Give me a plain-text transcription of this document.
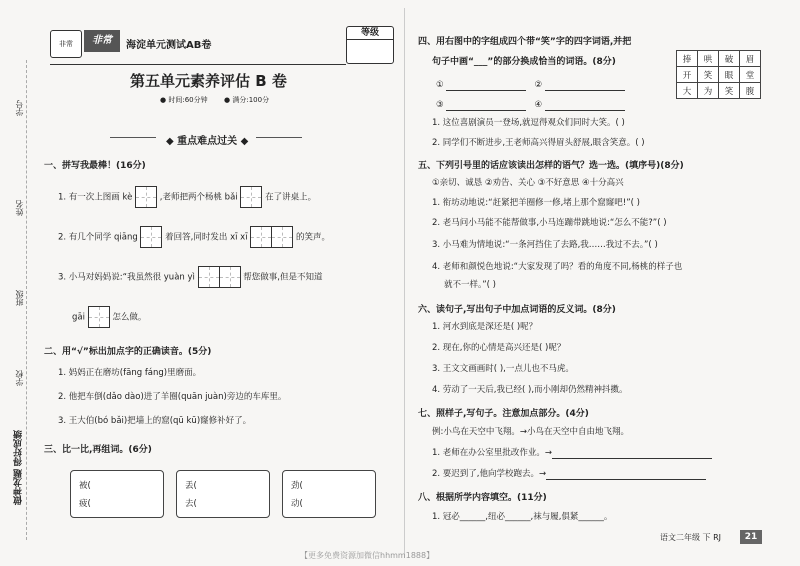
学号
姓名
班级
学校
做神龙题 得好成绩
非常	非常	海淀单元测试AB卷
等级
第五单元素养评估 B 卷
● 时间:60分钟 ● 满分:100分
◆ 重点难点过关 ◆
一、拼写我最棒！(16分)
1. 有一次上图画 kè	,老师把两个杨桃 bǎi	在了讲桌上。
2. 有几个同学 qiāng	着回答,同时发出 xī xī	的笑声。
3. 小马对妈妈说:“我虽然很 yuàn yì	帮您做事,但是不知道
gāi	怎么做。
二、用“√”标出加点字的正确读音。(5分)
1. 妈妈正在磨坊(fāng fáng)里磨面。
2. 他把车倒(dǎo dào)进了羊圈(quān juàn)旁边的车库里。
3. 王大伯(bó bǎi)把墙上的窟(qū kū)窿修补好了。
三、比一比,再组词。(6分)
被(
疲(
丢(
去(
劲(
动(
四、用右图中的字组成四个带“笑”字的四字词语,并把
句子中画“___”的部分换成恰当的词语。(8分)	捧	哄	破	眉
开	笑	眼	堂
大	为	笑	腹
①	②
③	④
1. 这位喜剧演员一登场,就逗得观众们同时大笑。( )
2. 同学们不断进步,王老师高兴得眉头舒展,眼含笑意。( )
五、下列引号里的话应该读出怎样的语气？选一选。(填序号)(8分)
①亲切、诚恳 ②劝告、关心 ③不好意思 ④十分高兴
1. 衔坊动地说:“赶紧把羊圈修一修,堵上那个窟窿吧!”( )
2. 老马问小马能不能帮做事,小马连蹦带跳地说:“怎么不能?”( )
3. 小马难为情地说:“一条河挡住了去路,我……我过不去。”( )
4. 老师和颜悦色地说:“大家发现了吗？看的角度不同,杨桃的样子也
就不一样。”( )
六、读句子,写出句子中加点词语的反义词。(8分)
1. 河水到底是深还是( )呢？
2. 现在,你的心情是高兴还是( )呢？
3. 王文文画画时( ),一点儿也不马虎。
4. 劳动了一天后,我已经( ),而小刚却仍然精神抖擞。
七、照样子,写句子。注意加点部分。(4分)
例:小鸟在天空中飞翔。→小鸟在天空中自由地飞翔。
1. 老师在办公室里批改作业。→
2. 要迟到了,他向学校跑去。→
八、根据所学内容填空。(11分)
1. 冠必______,纽必______,袜与履,俱紧______。
语文二年级 下 RJ	21
【更多免费资源加微信hhmm1888】
